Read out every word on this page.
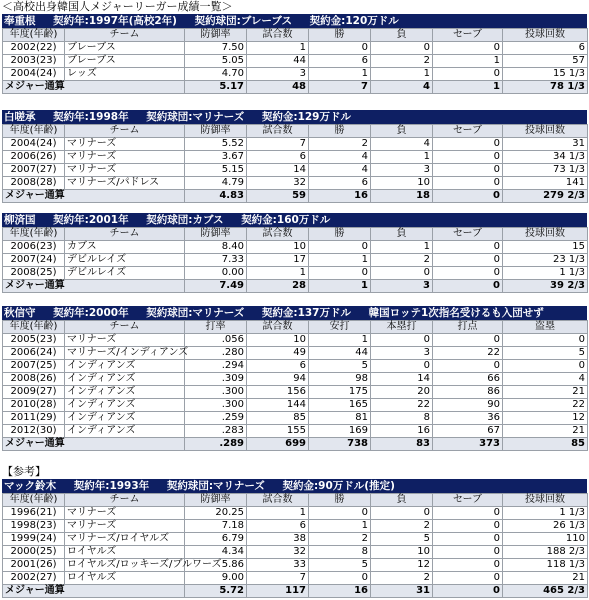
＜高校出身韓国人メジャーリーガー成績一覧＞
奉重根 契約年:1997年(高校2年) 契約球団:ブレーブス 契約金:120万ドル
年度(年齢)	チーム	防御率	試合数	勝	負	セーブ	投球回数
2002(22)	ブレーブス	7.50	1	0	0	0	6
2003(23)	ブレーブス	5.05	44	6	2	1	57
2004(24)	レッズ	4.70	3	1	1	0	15 1/3
メジャー通算		5.17	48	7	4	1	78 1/3
白嗟承 契約年:1998年 契約球団:マリナーズ 契約金:129万ドル
年度(年齢)	チーム	防御率	試合数	勝	負	セーブ	投球回数
2004(24)	マリナーズ	5.52	7	2	4	0	31
2006(26)	マリナーズ	3.67	6	4	1	0	34 1/3
2007(27)	マリナーズ	5.15	14	4	3	0	73 1/3
2008(28)	マリナーズ/パドレス	4.79	32	6	10	0	141
メジャー通算		4.83	59	16	18	0	279 2/3
柳済国 契約年:2001年 契約球団:カブス 契約金:160万ドル
年度(年齢)	チーム	防御率	試合数	勝	負	セーブ	投球回数
2006(23)	カブス	8.40	10	0	1	0	15
2007(24)	デビルレイズ	7.33	17	1	2	0	23 1/3
2008(25)	デビルレイズ	0.00	1	0	0	0	1 1/3
メジャー通算		7.49	28	1	3	0	39 2/3
秋信守 契約年:2000年 契約球団:マリナーズ 契約金:137万ドル 韓国ロッテ1次指名受けるも入団せず
年度(年齢)	チーム	打率	試合数	安打	本塁打	打点	盗塁
2005(23)	マリナーズ	.056	10	1	0	0	0
2006(24)	マリナーズ/インディアンズ	.280	49	44	3	22	5
2007(25)	インディアンズ	.294	6	5	0	0	0
2008(26)	インディアンズ	.309	94	98	14	66	4
2009(27)	インディアンズ	.300	156	175	20	86	21
2010(28)	インディアンズ	.300	144	165	22	90	22
2011(29)	インディアンズ	.259	85	81	8	36	12
2012(30)	インディアンズ	.283	155	169	16	67	21
メジャー通算		.289	699	738	83	373	85
【参考】
マック鈴木 契約年:1993年 契約球団:マリナーズ 契約金:90万ドル(推定)
年度(年齢)	チーム	防御率	試合数	勝	負	セーブ	投球回数
1996(21)	マリナーズ	20.25	1	0	0	0	1 1/3
1998(23)	マリナーズ	7.18	6	1	2	0	26 1/3
1999(24)	マリナーズ/ロイヤルズ	6.79	38	2	5	0	110
2000(25)	ロイヤルズ	4.34	32	8	10	0	188 2/3
2001(26)	ロイヤルズ/ロッキーズ/ブルワーズ	5.86	33	5	12	0	118 1/3
2002(27)	ロイヤルズ	9.00	7	0	2	0	21
メジャー通算		5.72	117	16	31	0	465 2/3
